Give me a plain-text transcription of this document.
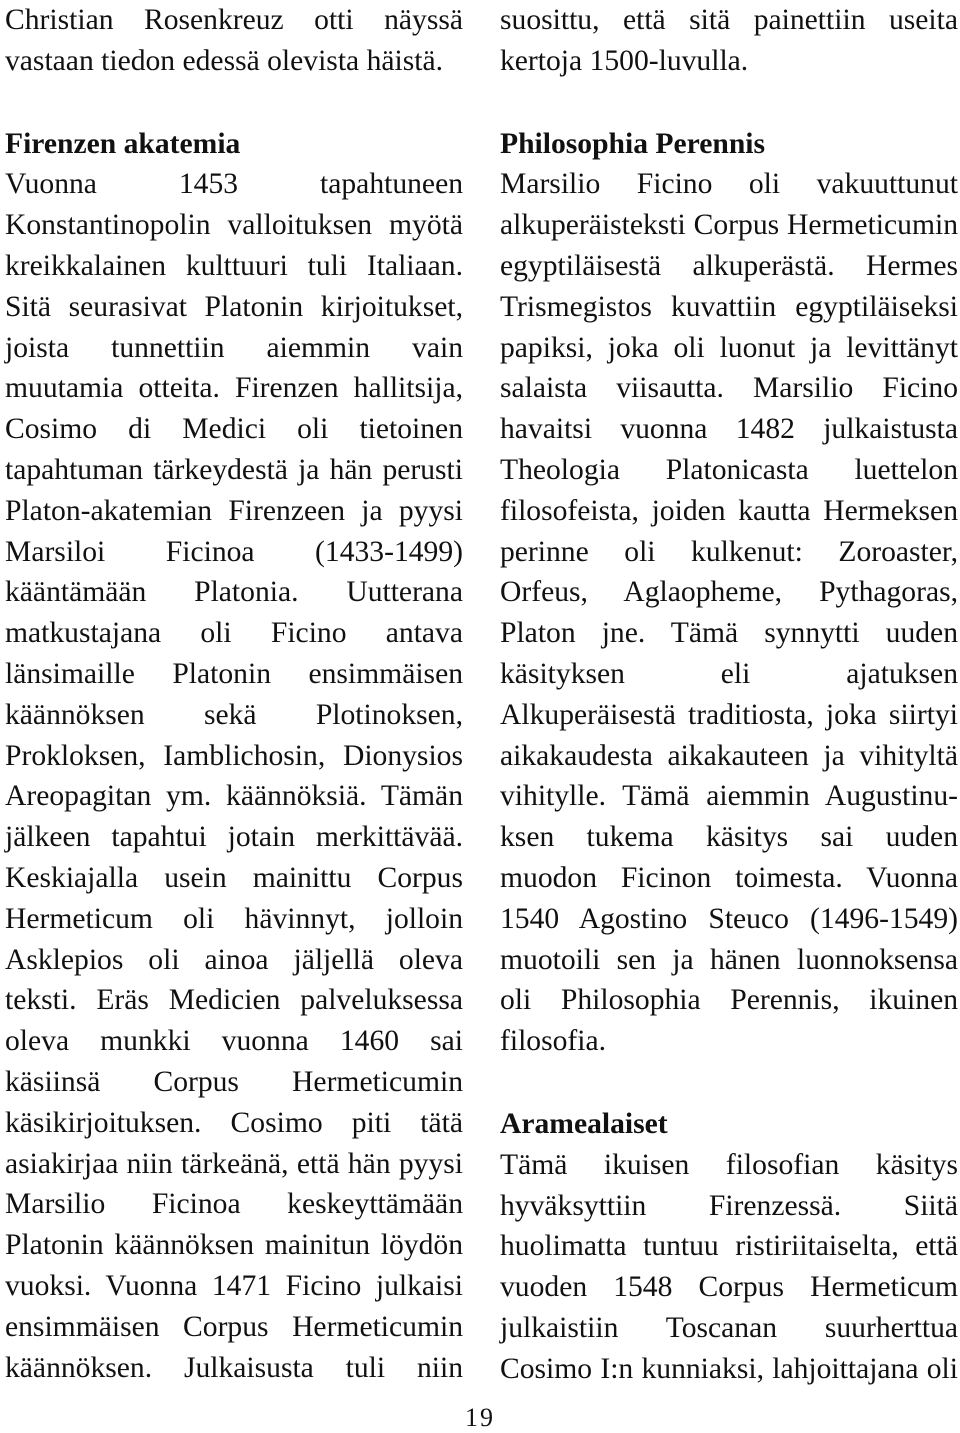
Christian Rosenkreuz otti näyssä vastaan tiedon edessä olevista häistä.

Firenzen akatemia

Vuonna 1453 tapahtuneen Konstantinopolin valloituksen myötä kreikkalainen kulttuuri tuli Italiaan. Sitä seurasivat Platonin kirjoitukset, joista tunnettiin aiemmin vain muutamia otteita. Firenzen hallitsija, Cosimo di Medici oli tietoinen tapahtuman tärkeydestä ja hän perusti Platon-akatemian Firenzeen ja pyysi Marsiloi Ficinoa (1433-1499) kääntämään Platonia. Uutterana matkustajana oli Ficino antava länsimaille Platonin ensimmäisen käännöksen sekä Plotinoksen, Prokloksen, Iamblichosin, Dionysios Areopagitan ym. käännöksiä. Tämän jälkeen tapahtui jotain merkittävää. Keskiajalla usein mainittu Corpus Hermeticum oli hävinnyt, jolloin Asklepios oli ainoa jäljellä oleva teksti. Eräs Medicien palveluksessa oleva munkki vuonna 1460 sai käsiinsä Corpus Hermeticumin käsikirjoituksen. Cosimo piti tätä asiakirjaa niin tärkeänä, että hän pyysi Marsilio Ficinoa keskeyttämään Platonin käännöksen mainitun löydön vuoksi. Vuonna 1471 Ficino julkaisi ensimmäisen Corpus Hermeticumin käännöksen. Julkaisusta tuli niin

suosittu, että sitä painettiin useita kertoja 1500-luvulla.

Philosophia Perennis

Marsilio Ficino oli vakuuttunut alkuperäisteksti Corpus Hermeticumin egyptiläisestä alkuperästä. Hermes Trismegistos kuvattiin egyptiläiseksi papiksi, joka oli luonut ja levittänyt salaista viisautta. Marsilio Ficino havaitsi vuonna 1482 julkaistusta Theologia Platonicasta luettelon filosofeista, joiden kautta Hermeksen perinne oli kulkenut: Zoroaster, Orfeus, Aglaopheme, Pythagoras, Platon jne. Tämä synnytti uuden käsityksen eli ajatuksen Alkuperäisestä traditiosta, joka siirtyi aikakaudesta aikakauteen ja vihityltä vihitylle. Tämä aiemmin Augustinu-ksen tukema käsitys sai uuden muodon Ficinon toimesta. Vuonna 1540 Agostino Steuco (1496-1549) muotoili sen ja hänen luonnoksensa oli Philosophia Perennis, ikuinen filosofia.

Aramealaiset

Tämä ikuisen filosofian käsitys hyväksyttiin Firenzessä. Siitä huolimatta tuntuu ristiriitaiselta, että vuoden 1548 Corpus Hermeticum julkaistiin Toscanan suurherttua Cosimo I:n kunniaksi, lahjoittajana oli

19
